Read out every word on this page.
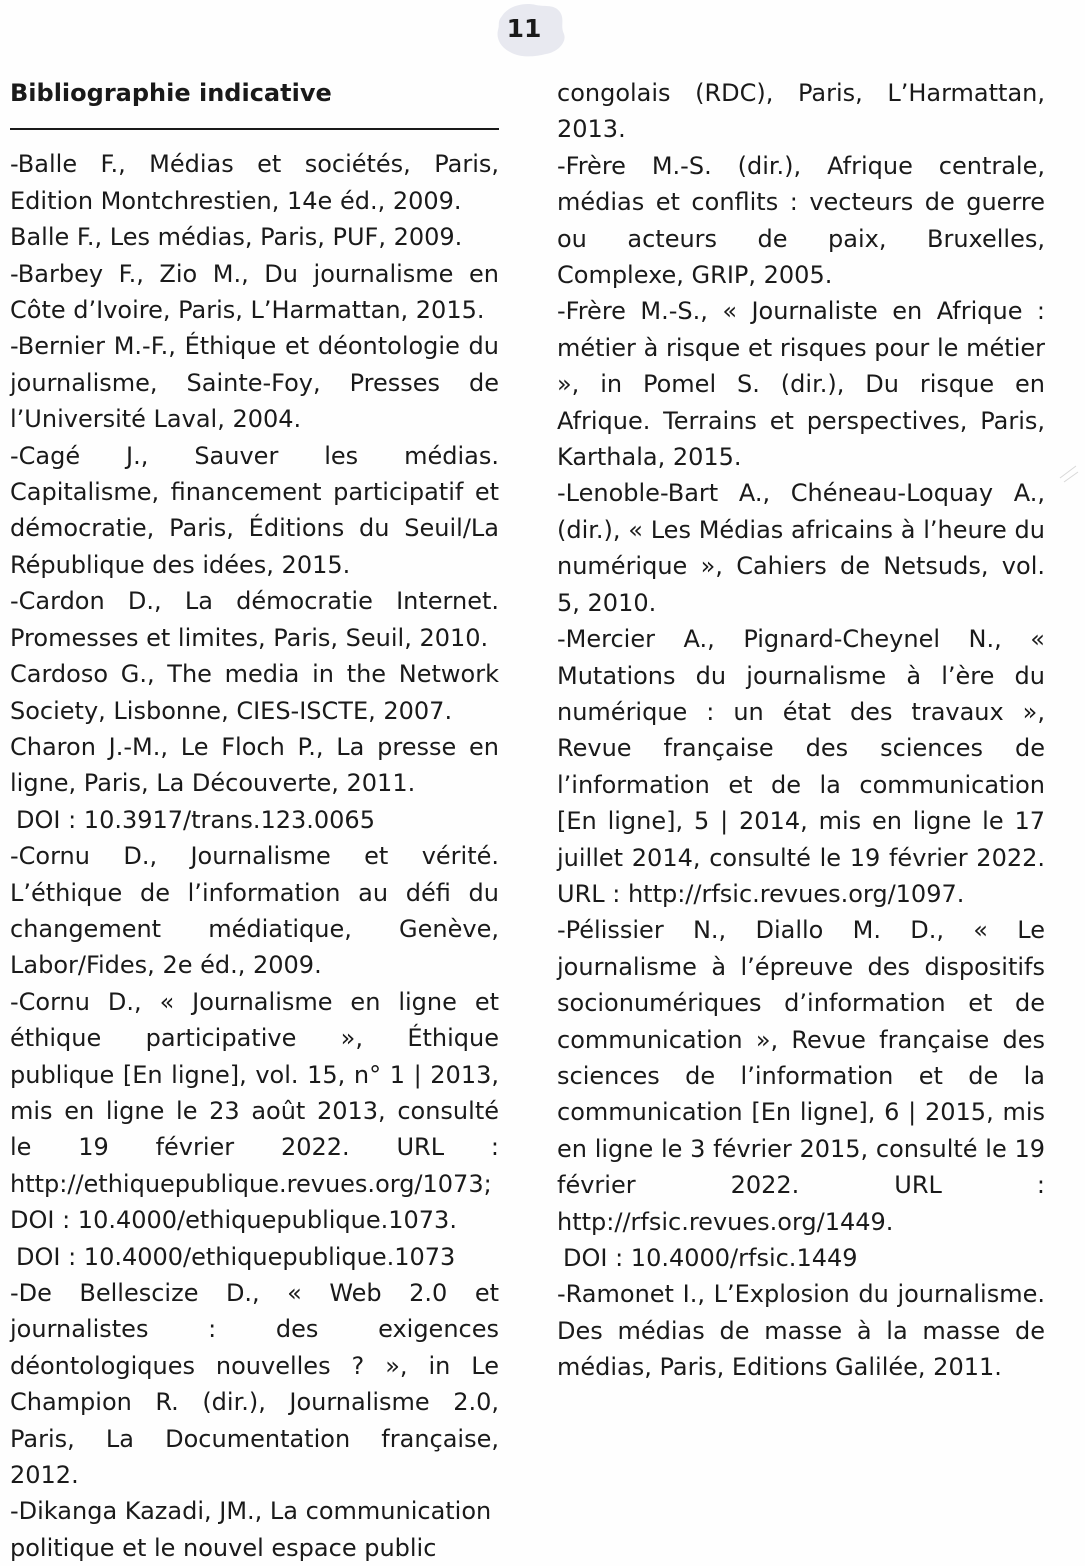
11

Bibliographie indicative

-Balle F., Médias et sociétés, Paris, Edition Montchrestien, 14e éd., 2009.

Balle F., Les médias, Paris, PUF, 2009.

-Barbey F., Zio M., Du journalisme en Côte d’Ivoire, Paris, L’Harmattan, 2015.

-Bernier M.-F., Éthique et déontologie du journalisme, Sainte-Foy, Presses de l’Université Laval, 2004.

-Cagé J., Sauver les médias. Capitalisme, financement participatif et démocratie, Paris, Éditions du Seuil/La République des idées, 2015.

-Cardon D., La démocratie Internet. Promesses et limites, Paris, Seuil, 2010.

Cardoso G., The media in the Network Society, Lisbonne, CIES-ISCTE, 2007.

Charon J.-M., Le Floch P., La presse en ligne, Paris, La Découverte, 2011.

DOI : 10.3917/trans.123.0065

-Cornu D., Journalisme et vérité. L’éthique de l’information au défi du changement médiatique, Genève, Labor/Fides, 2e éd., 2009.

-Cornu D., « Journalisme en ligne et éthique participative », Éthique publique [En ligne], vol. 15, n° 1 | 2013, mis en ligne le 23 août 2013, consulté le 19 février 2022. URL : http://ethiquepublique.revues.org/1073; DOI : 10.4000/ethiquepublique.1073.

DOI : 10.4000/ethiquepublique.1073

-De Bellescize D., « Web 2.0 et journalistes : des exigences déontologiques nouvelles ? », in Le Champion R. (dir.), Journalisme 2.0, Paris, La Documentation française, 2012.

-Dikanga Kazadi, JM., La communication politique et le nouvel espace public

congolais (RDC), Paris, L’Harmattan, 2013.

-Frère M.-S. (dir.), Afrique centrale, médias et conflits : vecteurs de guerre ou acteurs de paix, Bruxelles, Complexe, GRIP, 2005.

-Frère M.-S., « Journaliste en Afrique : métier à risque et risques pour le métier », in Pomel S. (dir.), Du risque en Afrique. Terrains et perspectives, Paris, Karthala, 2015.

-Lenoble-Bart A., Chéneau-Loquay A., (dir.), « Les Médias africains à l’heure du numérique », Cahiers de Netsuds, vol. 5, 2010.

-Mercier A., Pignard-Cheynel N., « Mutations du journalisme à l’ère du numérique : un état des travaux », Revue française des sciences de l’information et de la communication [En ligne], 5 | 2014, mis en ligne le 17 juillet 2014, consulté le 19 février 2022. URL : http://rfsic.revues.org/1097.

-Pélissier N., Diallo M. D., « Le journalisme à l’épreuve des dispositifs socionumériques d’information et de communication », Revue française des sciences de l’information et de la communication [En ligne], 6 | 2015, mis en ligne le 3 février 2015, consulté le 19 février 2022. URL : http://rfsic.revues.org/1449.

DOI : 10.4000/rfsic.1449

-Ramonet I., L’Explosion du journalisme. Des médias de masse à la masse de médias, Paris, Editions Galilée, 2011.
